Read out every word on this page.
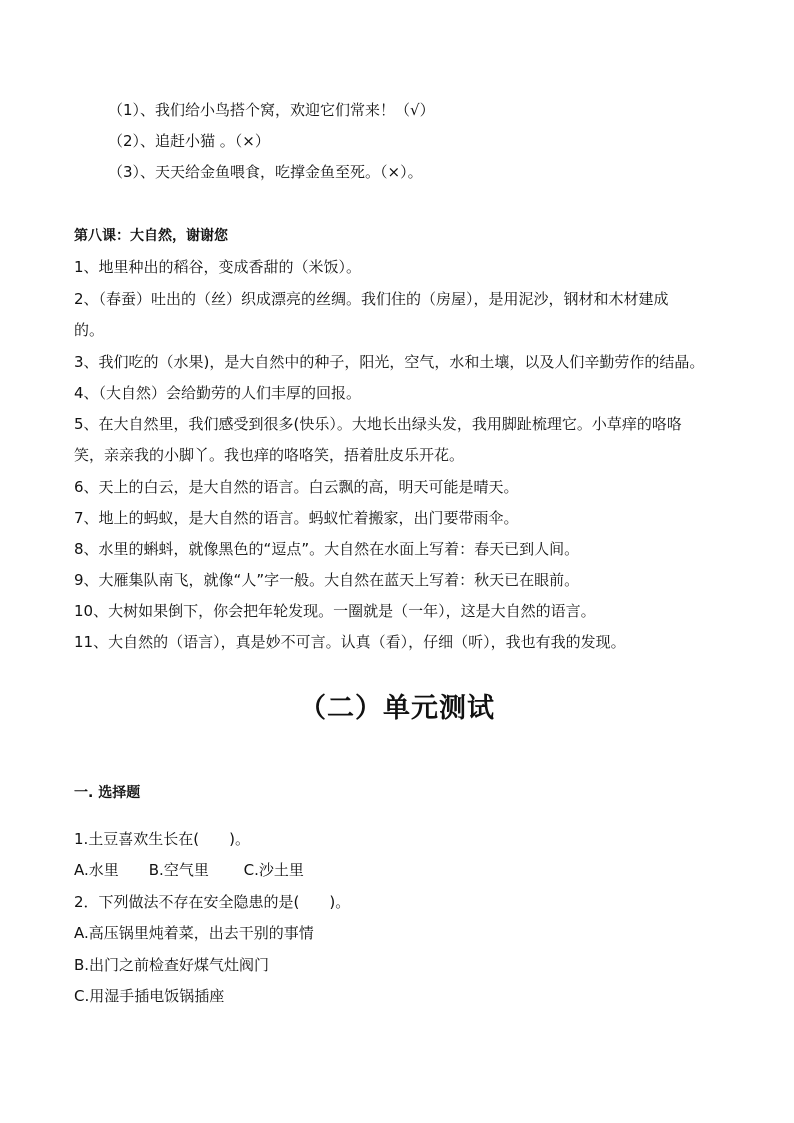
（1）、我们给小鸟搭个窝，欢迎它们常来！（√）
（2）、追赶小猫 。（×）
（3）、天天给金鱼喂食，吃撑金鱼至死。（×）。
第八课：大自然，谢谢您
1、地里种出的稻谷，变成香甜的（米饭）。
2、（春蚕）吐出的（丝）织成漂亮的丝绸。我们住的（房屋），是用泥沙，钢材和木材建成
的。
3、我们吃的（水果)，是大自然中的种子，阳光，空气，水和土壤，以及人们辛勤劳作的结晶。
4、（大自然）会给勤劳的人们丰厚的回报。
5、在大自然里，我们感受到很多(快乐）。大地长出绿头发，我用脚趾梳理它。小草痒的咯咯
笑，亲亲我的小脚丫。我也痒的咯咯笑，捂着肚皮乐开花。
6、天上的白云，是大自然的语言。白云飘的高，明天可能是晴天。
7、地上的蚂蚁，是大自然的语言。蚂蚁忙着搬家，出门要带雨伞。
8、水里的蝌蚪，就像黑色的“逗点”。大自然在水面上写着：春天已到人间。
9、大雁集队南飞，就像“人”字一般。大自然在蓝天上写着：秋天已在眼前。
10、大树如果倒下，你会把年轮发现。一圈就是（一年），这是大自然的语言。
11、大自然的（语言），真是妙不可言。认真（看），仔细（听），我也有我的发现。
（二）单元测试
一. 选择题
1.土豆喜欢生长在(　　)。
A.水里　　B.空气里　　 C.沙土里
2．下列做法不存在安全隐患的是(　　)。
A.高压锅里炖着菜，出去干别的事情
B.出门之前检查好煤气灶阀门
C.用湿手插电饭锅插座
